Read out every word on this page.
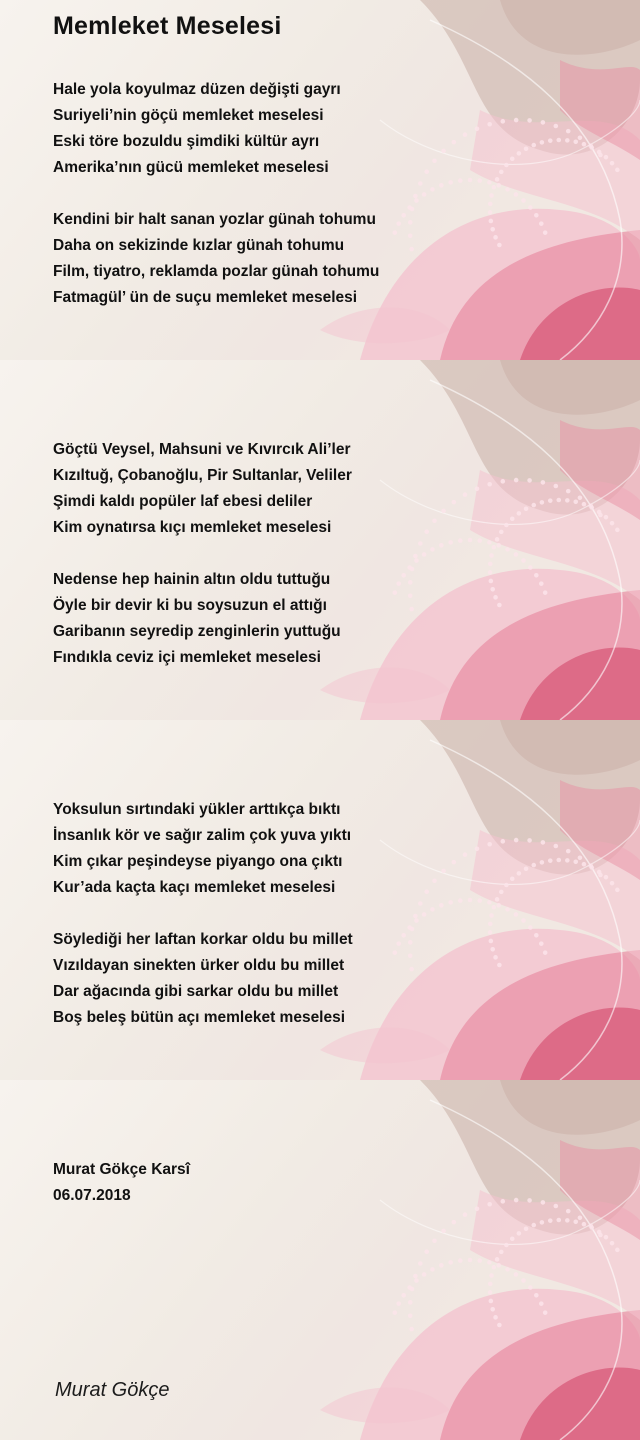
Memleket Meselesi
Hale yola koyulmaz düzen değişti gayrı
Suriyeli’nin göçü memleket meselesi
Eski töre bozuldu şimdiki kültür ayrı
Amerika’nın gücü memleket meselesi
Kendini bir halt sanan yozlar günah tohumu
Daha on sekizinde kızlar günah tohumu
Film, tiyatro, reklamda pozlar günah tohumu
Fatmagül’ ün de suçu memleket meselesi
Göçtü Veysel, Mahsuni ve Kıvırcık Ali’ler
Kızıltuğ, Çobanoğlu, Pir Sultanlar, Veliler
Şimdi kaldı popüler laf ebesi deliler
Kim oynatırsa kıçı memleket meselesi
Nedense hep hainin altın oldu tuttuğu
Öyle bir devir ki bu soysuzun el attığı
Garibanın seyredip zenginlerin yuttuğu
Fındıkla ceviz içi memleket meselesi
Yoksulun sırtındaki yükler arttıkça bıktı
İnsanlık kör ve sağır zalim çok yuva yıktı
Kim çıkar peşindeyse piyango ona çıktı
Kur’ada kaçta kaçı memleket meselesi
Söylediği her laftan korkar oldu bu millet
Vızıldayan sinekten ürker oldu bu millet
Dar ağacında gibi sarkar oldu bu millet
Boş beleş bütün açı memleket meselesi
Murat Gökçe Karsî
06.07.2018
Murat Gökçe
